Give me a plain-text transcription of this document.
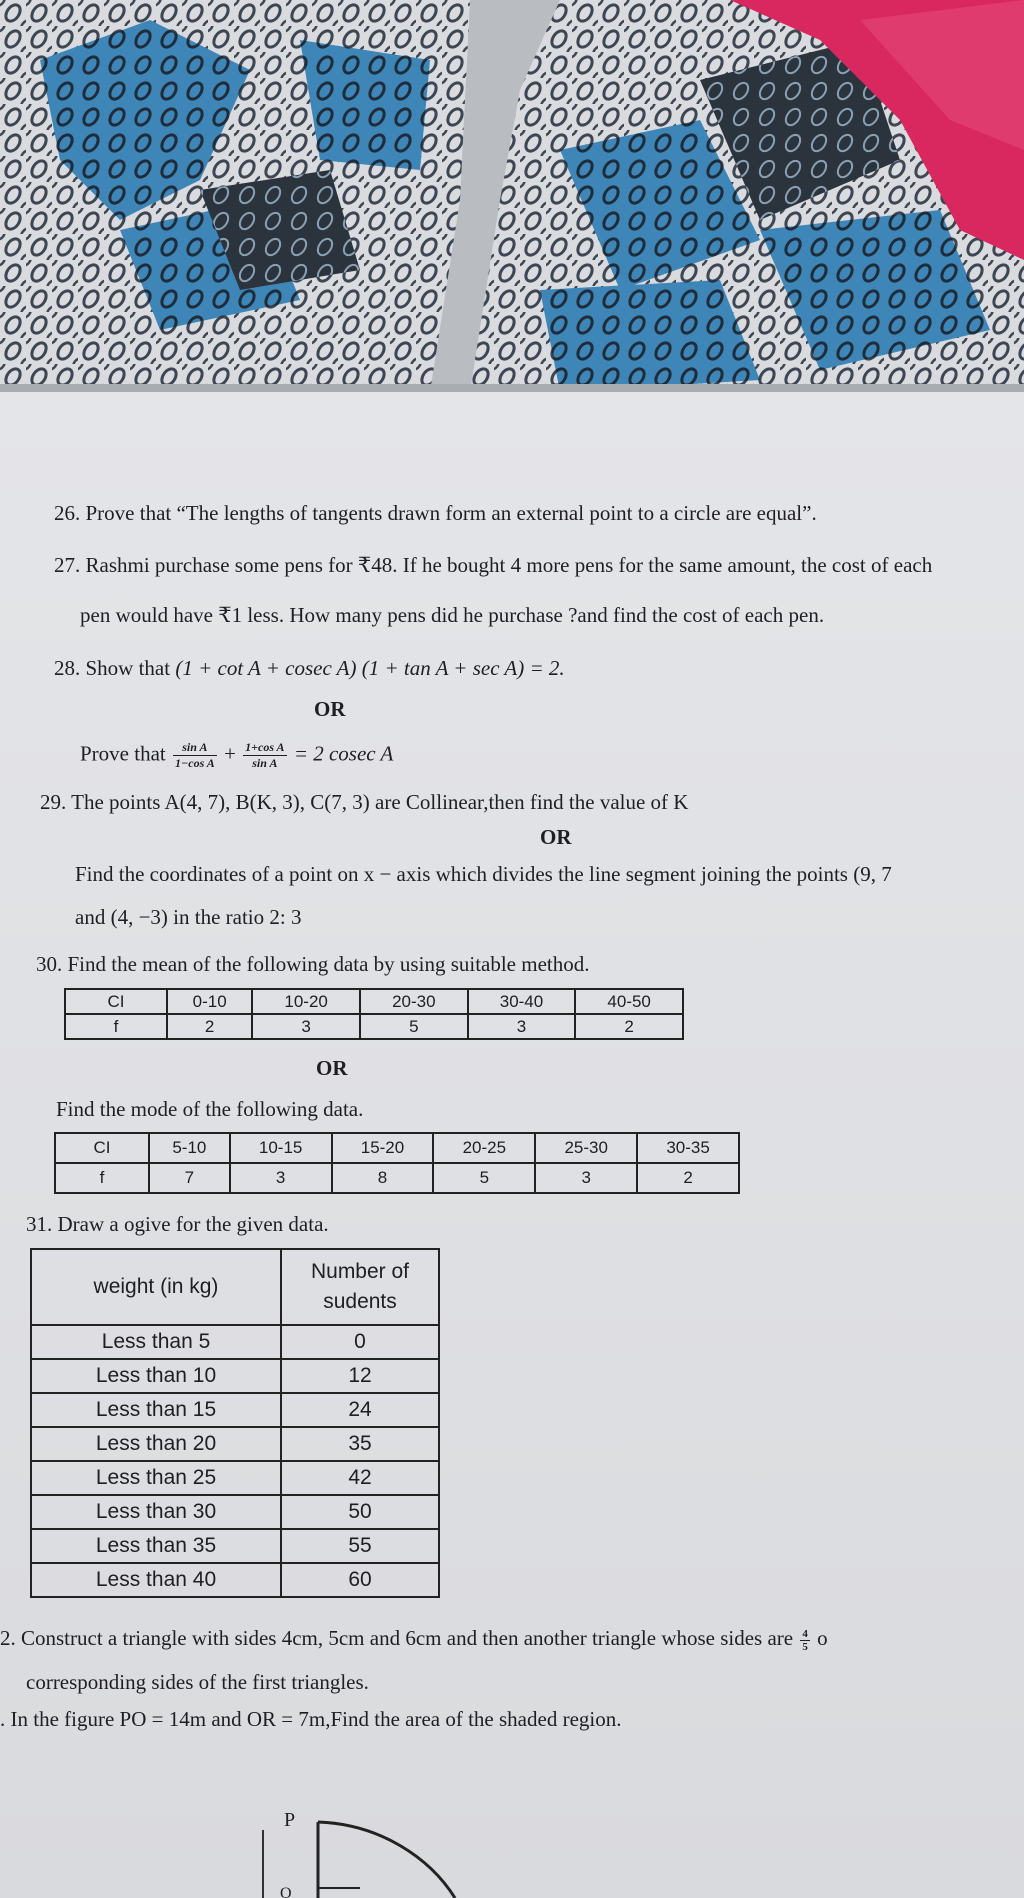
26. Prove that “The lengths of tangents drawn form an external point to a circle are equal”.
27. Rashmi purchase some pens for ₹48. If he bought 4 more pens for the same amount, the cost of each
pen would have ₹1 less. How many pens did he purchase ?and find the cost of each pen.
28. Show that (1 + cot A + cosec A) (1 + tan A + sec A) = 2.
OR
Prove that $\frac{\text{sin A}}{\text{1−cos A}} + \frac{\text{1+cos A}}{\text{sin A}} = 2$ cosec A
29. The points A(4, 7), B(K, 3), C(7, 3) are Collinear,then find the value of K
OR
Find the coordinates of a point on x − axis which divides the line segment joining the points (9, 7
and (4, −3) in the ratio 2: 3
30. Find the mean of the following data by using suitable method.
CI	0-10	10-20	20-30	30-40	40-50
f	2	3	5	3	2
OR
Find the mode of the following data.
CI	5-10	10-15	15-20	20-25	25-30	30-35
f	7	3	8	5	3	2
31. Draw a ogive for the given data.
weight (in kg)	Number of
sudents

Less than 5	0
Less than 10	12
Less than 15	24
Less than 20	35
Less than 25	42
Less than 30	50
Less than 35	55
Less than 40	60
2. Construct a triangle with sides 4cm, 5cm and 6cm and then another triangle whose sides are $\frac{4}{5}$ o
corresponding sides of the first triangles.
. In the figure PO = 14m and OR = 7m,Find the area of the shaded region.
P
O
